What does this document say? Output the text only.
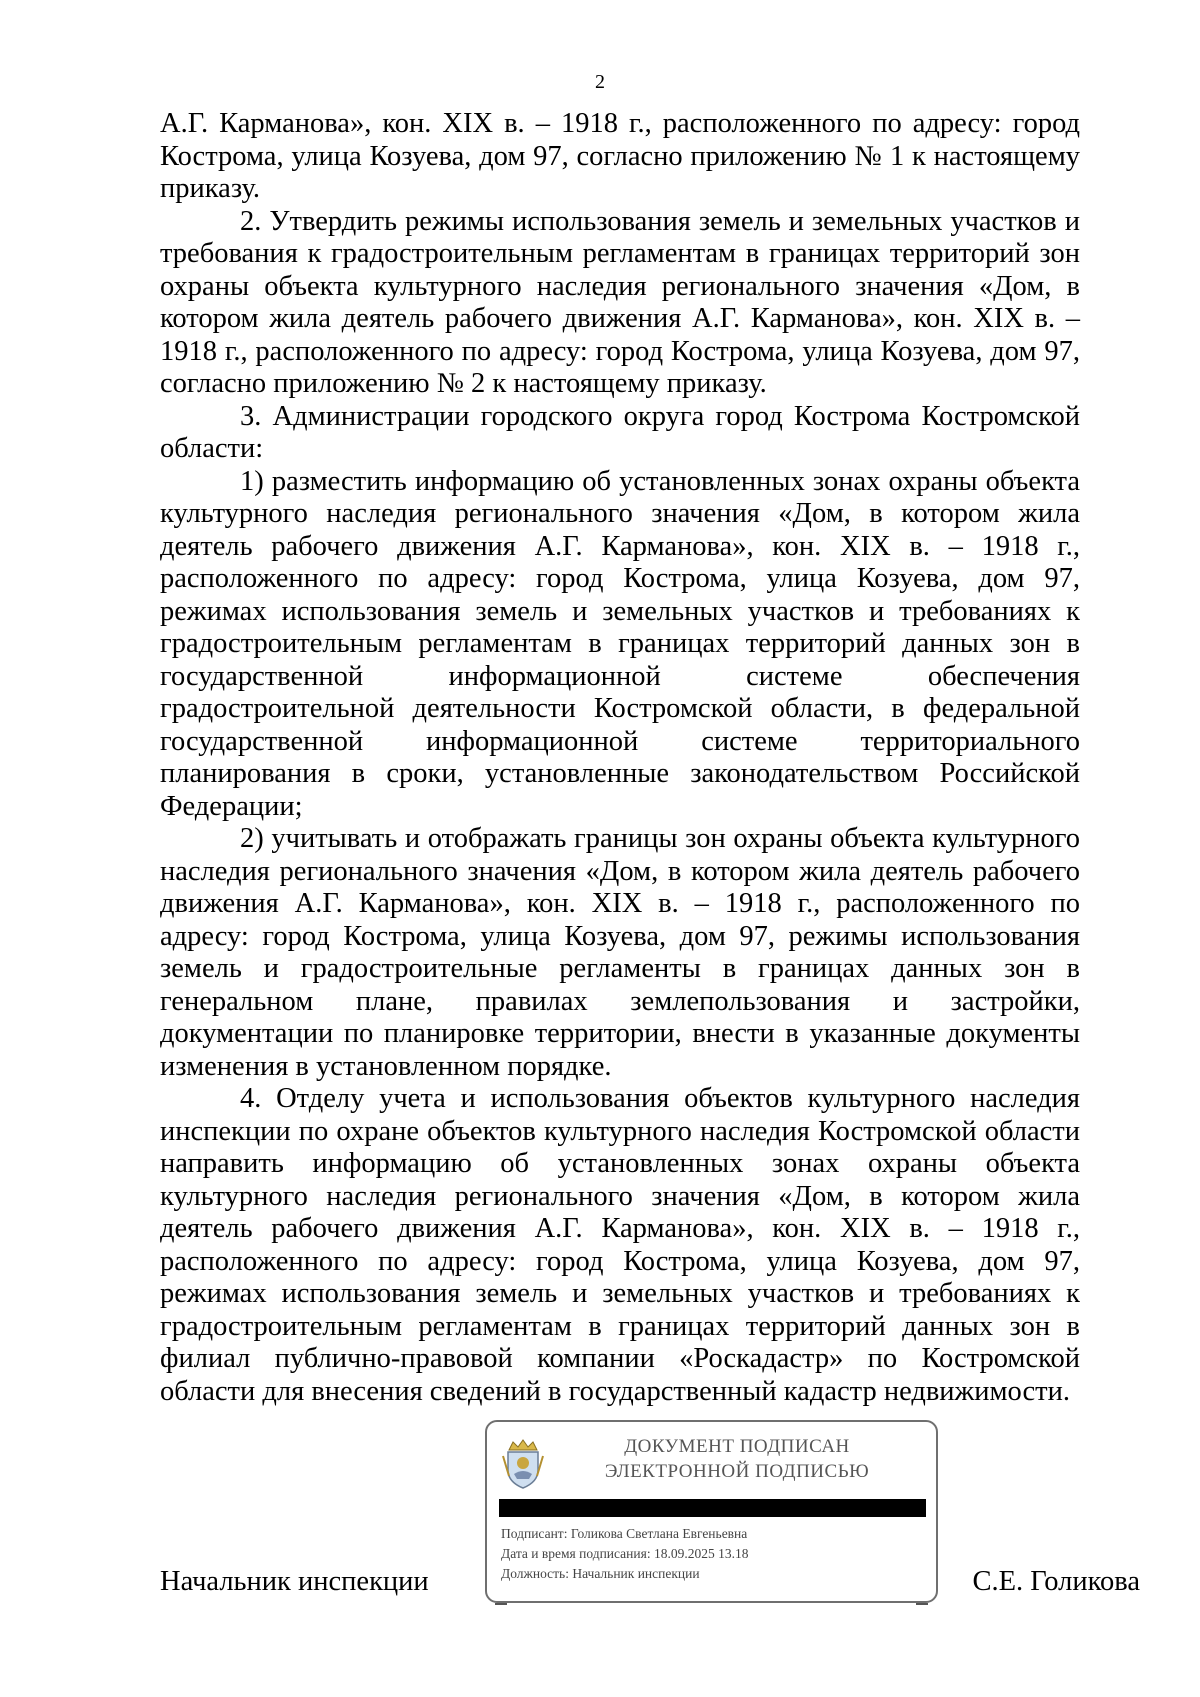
2

А.Г. Карманова», кон. XIX в. – 1918 г., расположенного по адресу: город Кострома, улица Козуева, дом 97, согласно приложению № 1 к настоящему приказу.

2. Утвердить режимы использования земель и земельных участков и требования к градостроительным регламентам в границах территорий зон охраны объекта культурного наследия регионального значения «Дом, в котором жила деятель рабочего движения А.Г. Карманова», кон. XIX в. – 1918 г., расположенного по адресу: город Кострома, улица Козуева, дом 97, согласно приложению № 2 к настоящему приказу.

3. Администрации городского округа город Кострома Костромской области:

1) разместить информацию об установленных зонах охраны объекта культурного наследия регионального значения «Дом, в котором жила деятель рабочего движения А.Г. Карманова», кон. XIX в. – 1918 г., расположенного по адресу: город Кострома, улица Козуева, дом 97, режимах использования земель и земельных участков и требованиях к градостроительным регламентам в границах территорий данных зон в государственной информационной системе обеспечения градостроительной деятельности Костромской области, в федеральной государственной информационной системе территориального планирования в сроки, установленные законодательством Российской Федерации;

2) учитывать и отображать границы зон охраны объекта культурного наследия регионального значения «Дом, в котором жила деятель рабочего движения А.Г. Карманова», кон. XIX в. – 1918 г., расположенного по адресу: город Кострома, улица Козуева, дом 97, режимы использования земель и градостроительные регламенты в границах данных зон в генеральном плане, правилах землепользования и застройки, документации по планировке территории, внести в указанные документы изменения в установленном порядке.

4. Отделу учета и использования объектов культурного наследия инспекции по охране объектов культурного наследия Костромской области направить информацию об установленных зонах охраны объекта культурного наследия регионального значения «Дом, в котором жила деятель рабочего движения А.Г. Карманова», кон. XIX в. – 1918 г., расположенного по адресу: город Кострома, улица Козуева, дом 97, режимах использования земель и земельных участков и требованиях к градостроительным регламентам в границах территорий данных зон в филиал публично-правовой компании «Роскадастр» по Костромской области для внесения сведений в государственный кадастр недвижимости.

ДОКУМЕНТ ПОДПИСАН
ЭЛЕКТРОННОЙ ПОДПИСЬЮ
Подписант: Голикова Светлана Евгеньевна
Дата и время подписания: 18.09.2025 13.18
Должность: Начальник инспекции
Начальник инспекции	С.Е. Голикова
